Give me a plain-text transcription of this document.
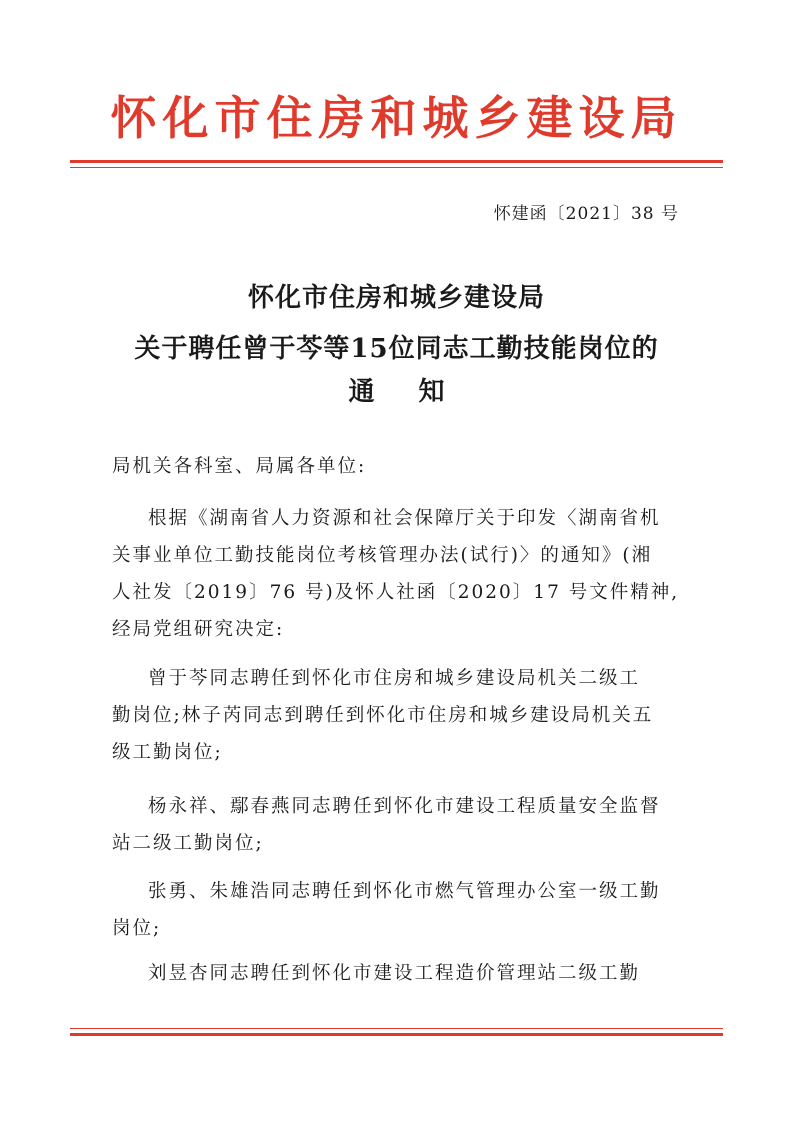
怀化市住房和城乡建设局
怀建函〔2021〕38 号
怀化市住房和城乡建设局
关于聘任曾于芩等15位同志工勤技能岗位的
通知
局机关各科室、局属各单位:
根据《湖南省人力资源和社会保障厅关于印发〈湖南省机
关事业单位工勤技能岗位考核管理办法(试行)〉的通知》(湘
人社发〔2019〕76 号)及怀人社函〔2020〕17 号文件精神,
经局党组研究决定:
曾于芩同志聘任到怀化市住房和城乡建设局机关二级工
勤岗位;林子芮同志到聘任到怀化市住房和城乡建设局机关五
级工勤岗位;
杨永祥、鄢春燕同志聘任到怀化市建设工程质量安全监督
站二级工勤岗位;
张勇、朱雄浩同志聘任到怀化市燃气管理办公室一级工勤
岗位;
刘昱杏同志聘任到怀化市建设工程造价管理站二级工勤
